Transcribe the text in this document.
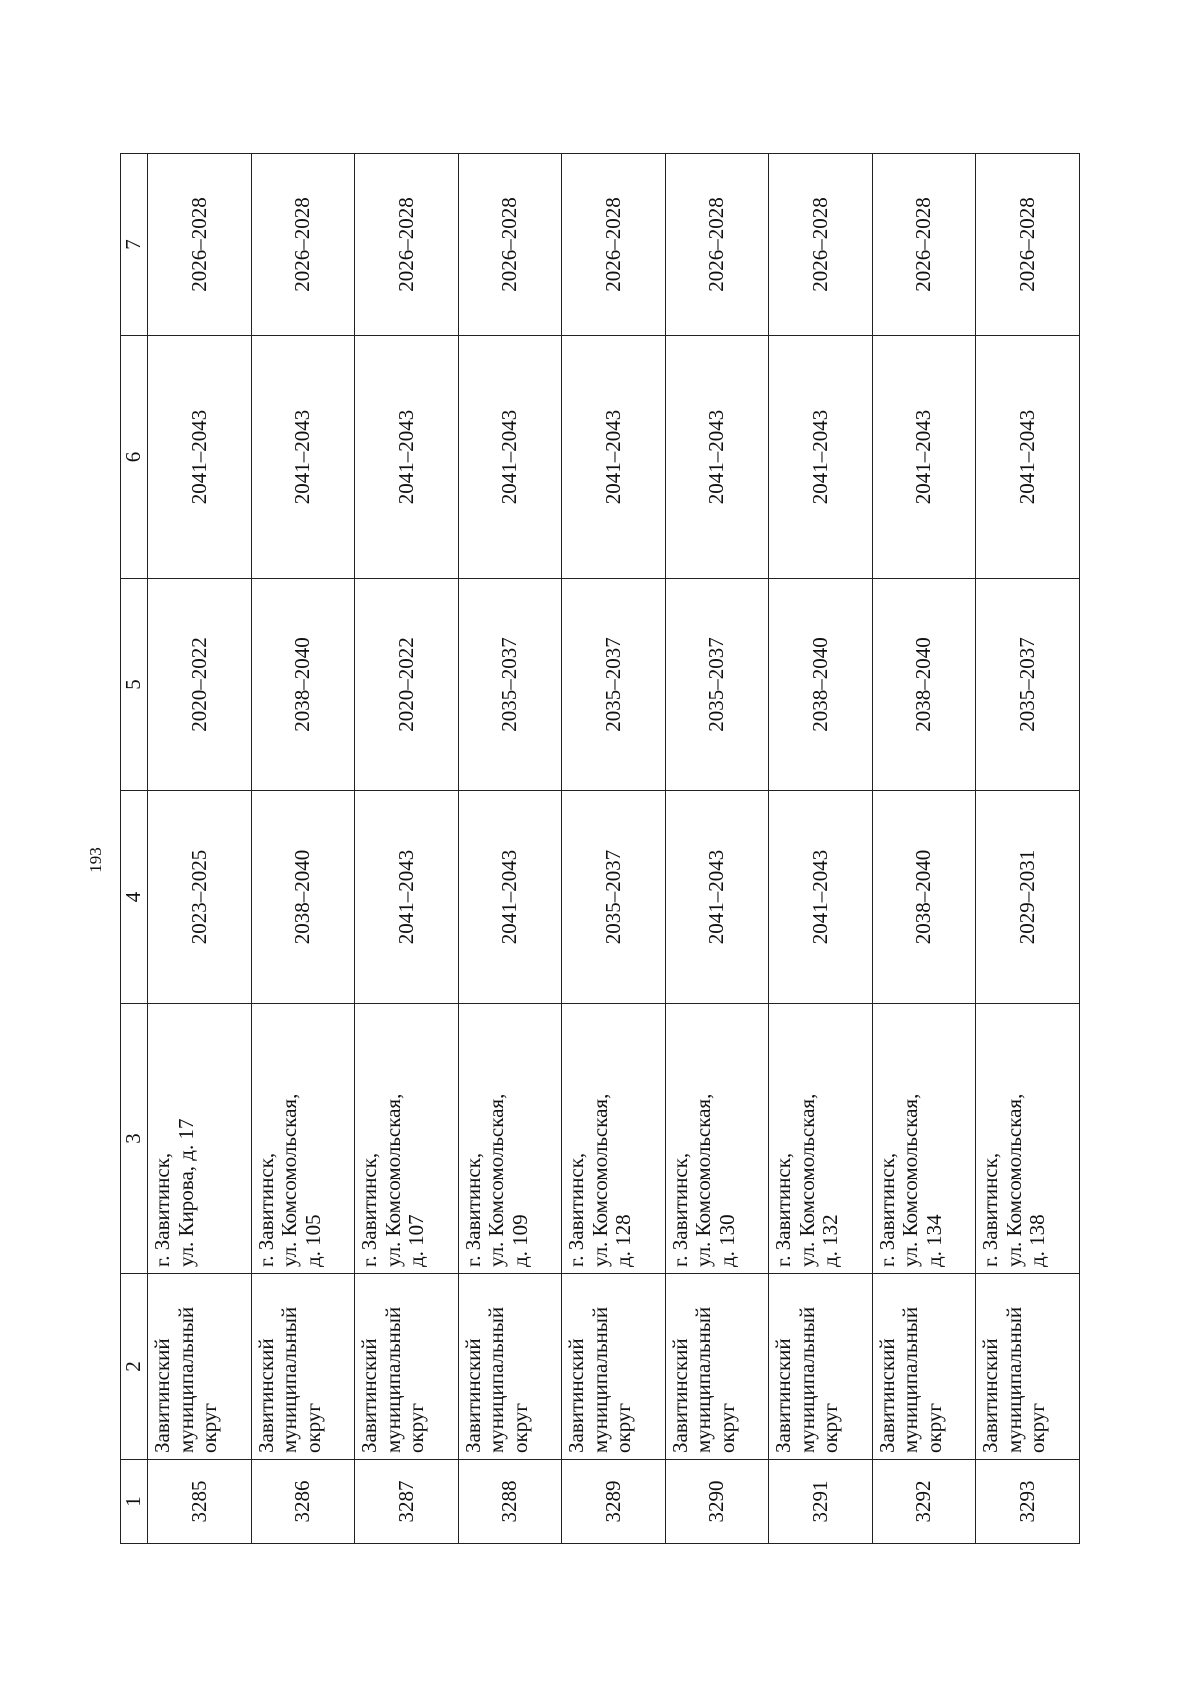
193
1	2	3	4	5	6	7
3285	Завитинский муниципальный округ	г. Завитинск, ул. Кирова, д. 17	2023–2025	2020–2022	2041–2043	2026–2028
3286	Завитинский муниципальный округ	г. Завитинск, ул. Комсомольская, д. 105	2038–2040	2038–2040	2041–2043	2026–2028
3287	Завитинский муниципальный округ	г. Завитинск, ул. Комсомольская, д. 107	2041–2043	2020–2022	2041–2043	2026–2028
3288	Завитинский муниципальный округ	г. Завитинск, ул. Комсомольская, д. 109	2041–2043	2035–2037	2041–2043	2026–2028
3289	Завитинский муниципальный округ	г. Завитинск, ул. Комсомольская, д. 128	2035–2037	2035–2037	2041–2043	2026–2028
3290	Завитинский муниципальный округ	г. Завитинск, ул. Комсомольская, д. 130	2041–2043	2035–2037	2041–2043	2026–2028
3291	Завитинский муниципальный округ	г. Завитинск, ул. Комсомольская, д. 132	2041–2043	2038–2040	2041–2043	2026–2028
3292	Завитинский муниципальный округ	г. Завитинск, ул. Комсомольская, д. 134	2038–2040	2038–2040	2041–2043	2026–2028
3293	Завитинский муниципальный округ	г. Завитинск, ул. Комсомольская, д. 138	2029–2031	2035–2037	2041–2043	2026–2028
